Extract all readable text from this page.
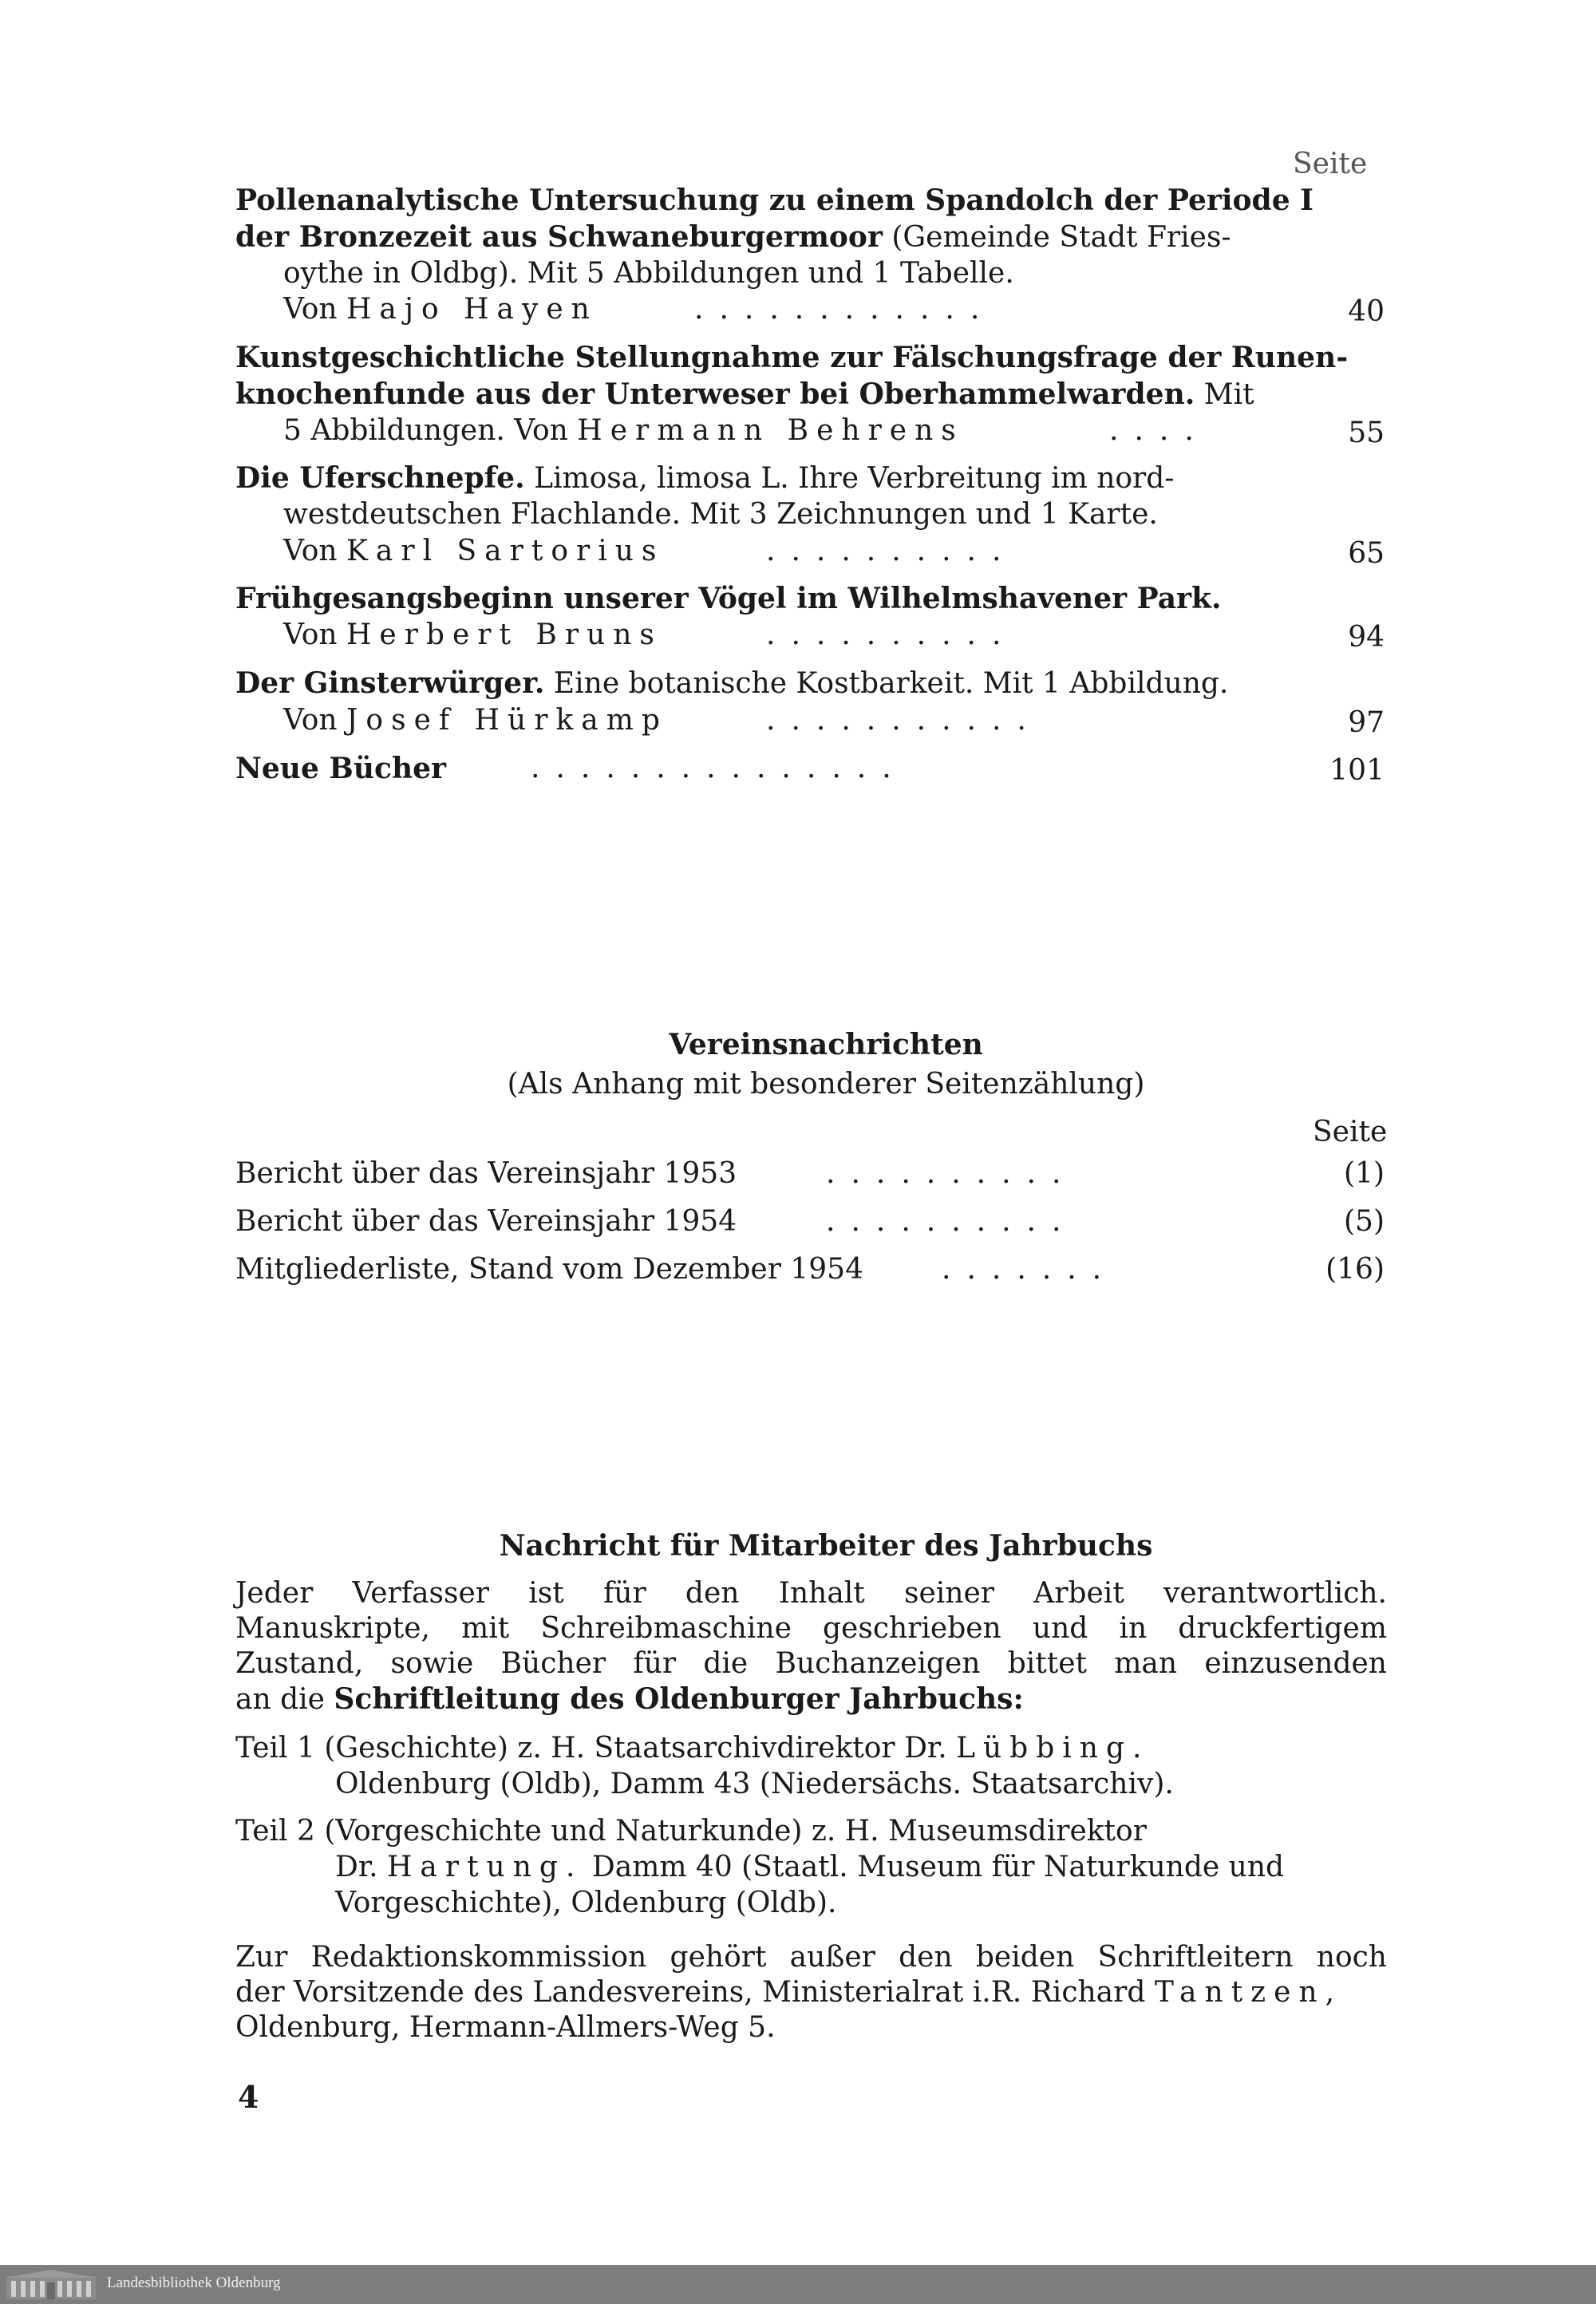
Seite
Pollenanalytische Untersuchung zu einem Spandolch der Periode I
der Bronzezeit aus Schwaneburgermoor (Gemeinde Stadt Fries-
oythe in Oldbg). Mit 5 Abbildungen und 1 Tabelle.
Von Hajo Hayen	............	40
Kunstgeschichtliche Stellungnahme zur Fälschungsfrage der Runen-
knochenfunde aus der Unterweser bei Oberhammelwarden. Mit
5 Abbildungen. Von Hermann Behrens	....	55
Die Uferschnepfe. Limosa, limosa L. Ihre Verbreitung im nord-
westdeutschen Flachlande. Mit 3 Zeichnungen und 1 Karte.
Von Karl Sartorius	..........	65
Frühgesangsbeginn unserer Vögel im Wilhelmshavener Park.
Von Herbert Bruns	..........	94
Der Ginsterwürger. Eine botanische Kostbarkeit. Mit 1 Abbildung.
Von Josef Hürkamp	...........	97
Neue Bücher	...............	101
Vereinsnachrichten
(Als Anhang mit besonderer Seitenzählung)
Seite
Bericht über das Vereinsjahr 1953	..........	(1)
Bericht über das Vereinsjahr 1954	..........	(5)
Mitgliederliste, Stand vom Dezember 1954	.......	(16)
Nachricht für Mitarbeiter des Jahrbuchs
Jeder Verfasser ist für den Inhalt seiner Arbeit verantwortlich.
Manuskripte, mit Schreibmaschine geschrieben und in druckfertigem
Zustand, sowie Bücher für die Buchanzeigen bittet man einzusenden
an die Schriftleitung des Oldenburger Jahrbuchs:
Teil 1 (Geschichte) z. H. Staatsarchivdirektor Dr. Lübbing.
Oldenburg (Oldb), Damm 43 (Niedersächs. Staatsarchiv).
Teil 2 (Vorgeschichte und Naturkunde) z. H. Museumsdirektor
Dr. Hartung. Damm 40 (Staatl. Museum für Naturkunde und
Vorgeschichte), Oldenburg (Oldb).
Zur Redaktionskommission gehört außer den beiden Schriftleitern noch
der Vorsitzende des Landesvereins, Ministerialrat i.R. Richard Tantzen,
Oldenburg, Hermann-Allmers-Weg 5.
4
Landesbibliothek Oldenburg
